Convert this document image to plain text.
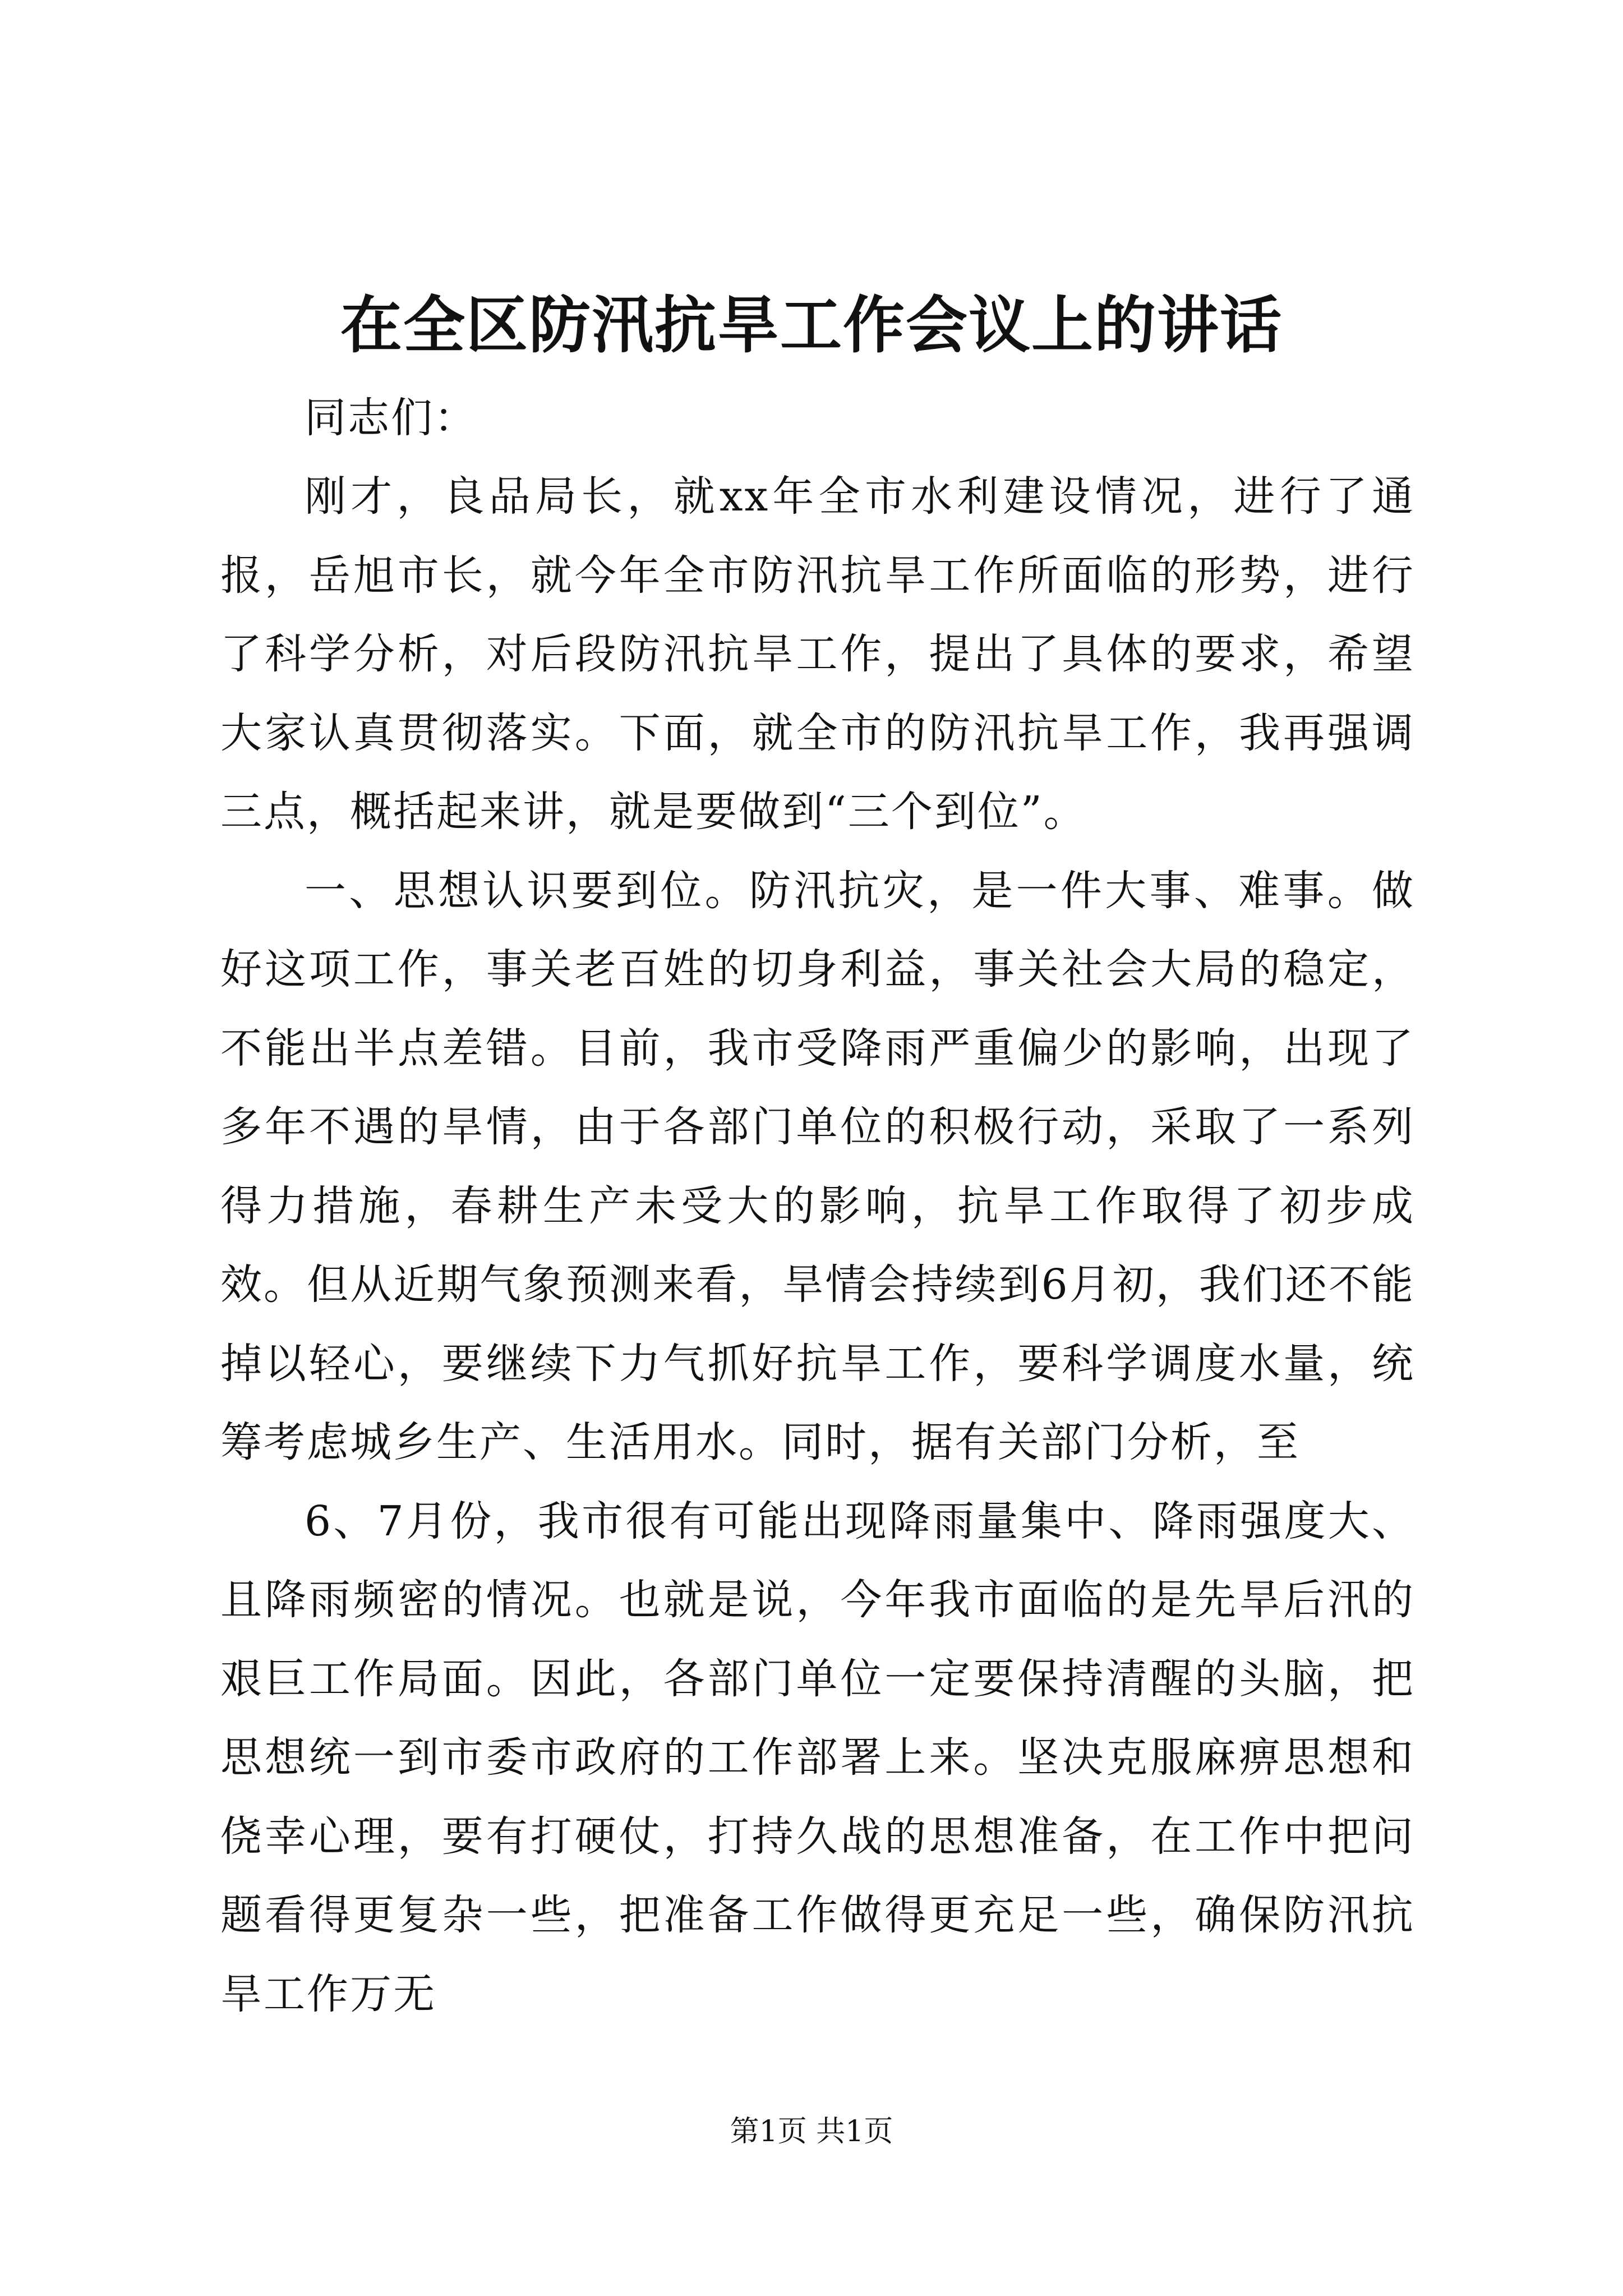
在全区防汛抗旱工作会议上的讲话

同志们：

刚才，良品局长，就xx年全市水利建设情况，进行了通报，岳旭市长，就今年全市防汛抗旱工作所面临的形势，进行了科学分析，对后段防汛抗旱工作，提出了具体的要求，希望大家认真贯彻落实。下面，就全市的防汛抗旱工作，我再强调三点，概括起来讲，就是要做到“三个到位”。

一、思想认识要到位。防汛抗灾，是一件大事、难事。做好这项工作，事关老百姓的切身利益，事关社会大局的稳定，不能出半点差错。目前，我市受降雨严重偏少的影响，出现了多年不遇的旱情，由于各部门单位的积极行动，采取了一系列得力措施，春耕生产未受大的影响，抗旱工作取得了初步成效。但从近期气象预测来看，旱情会持续到6月初，我们还不能掉以轻心，要继续下力气抓好抗旱工作，要科学调度水量，统筹考虑城乡生产、生活用水。同时，据有关部门分析，至

6、7月份，我市很有可能出现降雨量集中、降雨强度大、且降雨频密的情况。也就是说，今年我市面临的是先旱后汛的艰巨工作局面。因此，各部门单位一定要保持清醒的头脑，把思想统一到市委市政府的工作部署上来。坚决克服麻痹思想和侥幸心理，要有打硬仗，打持久战的思想准备，在工作中把问题看得更复杂一些，把准备工作做得更充足一些，确保防汛抗旱工作万无

第1页 共1页
